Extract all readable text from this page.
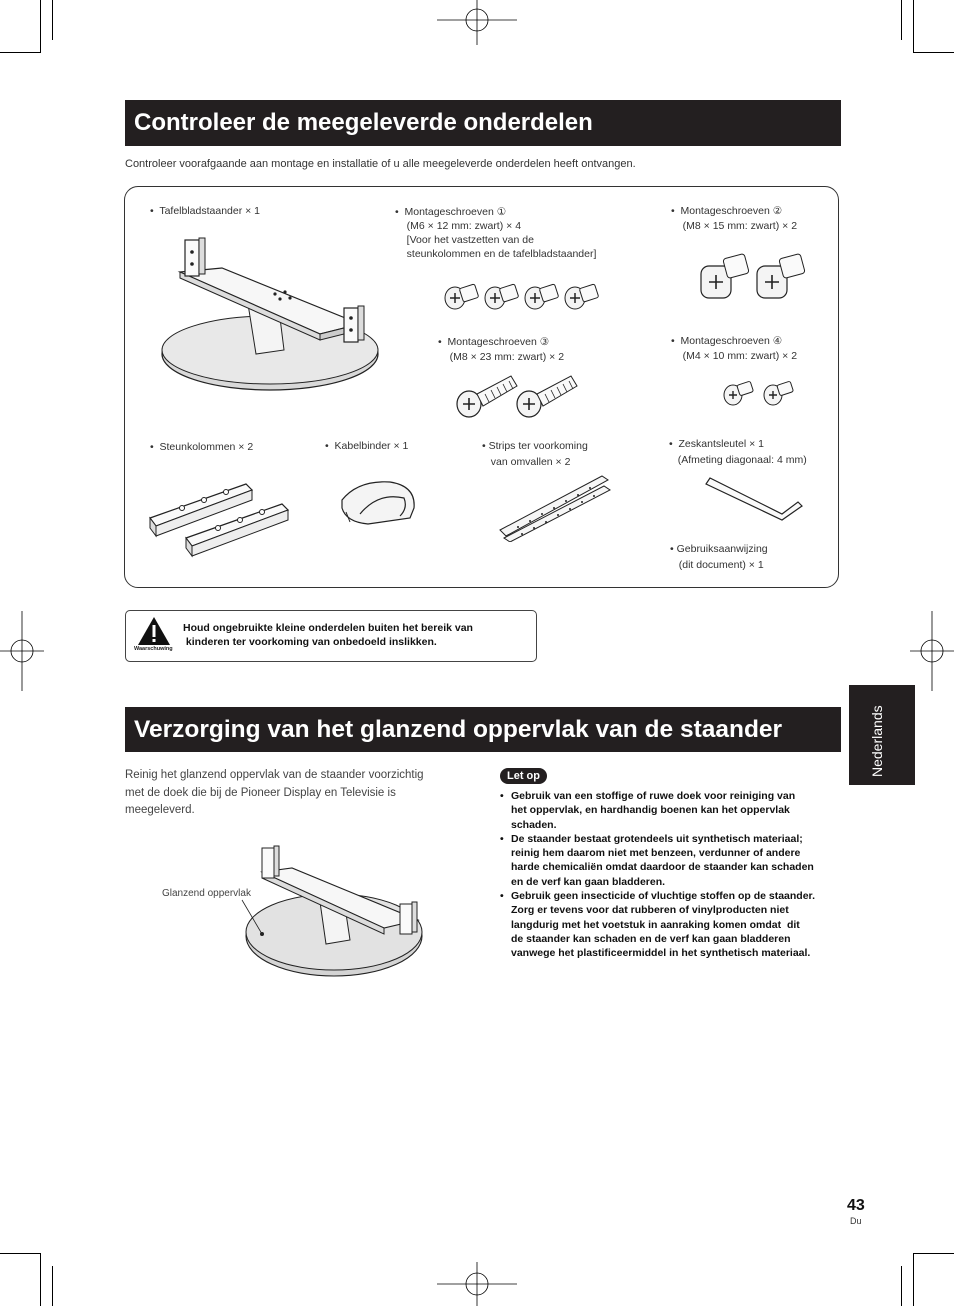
Controleer de meegeleverde onderdelen
Controleer voorafgaande aan montage en installatie of u alle meegeleverde onderdelen heeft ontvangen.
•  Tafelbladstaander × 1	•  Montageschroeven ①
(M6 × 12 mm: zwart) × 4
[Voor het vastzetten van de
steunkolommen en de tafelbladstaander]
•  Montageschroeven ②
(M8 × 15 mm: zwart) × 2
•  Montageschroeven ③
(M8 × 23 mm: zwart) × 2
•  Montageschroeven ④
(M4 × 10 mm: zwart) × 2
•  Steunkolommen × 2	•  Kabelbinder × 1	• Strips ter voorkoming
van omvallen × 2
•  Zeskantsleutel × 1
(Afmeting diagonaal: 4 mm)
• Gebruiksaanwijzing
(dit document) × 1
Waarschuwing
Houd ongebruikte kleine onderdelen buiten het bereik van
kinderen ter voorkoming van onbedoeld inslikken.
Verzorging van het glanzend oppervlak van de staander
Reinig het glanzend oppervlak van de staander voorzichtig
met de doek die bij de Pioneer Display en Televisie is
meegeleverd.
Glanzend oppervlak
Let op
• Gebruik van een stoffige of ruwe doek voor reiniging van
het oppervlak, en hardhandig boenen kan het oppervlak
schaden.
• De staander bestaat grotendeels uit synthetisch materiaal;
reinig hem daarom niet met benzeen, verdunner of andere
harde chemicaliën omdat daardoor de staander kan schaden
en de verf kan gaan bladderen.
• Gebruik geen insecticide of vluchtige stoffen op de staander.
Zorg er tevens voor dat rubberen of vinylproducten niet
langdurig met het voetstuk in aanraking komen omdat  dit
de staander kan schaden en de verf kan gaan bladderen
vanwege het plastificeermiddel in het synthetisch materiaal.
Nederlands
43
Du
